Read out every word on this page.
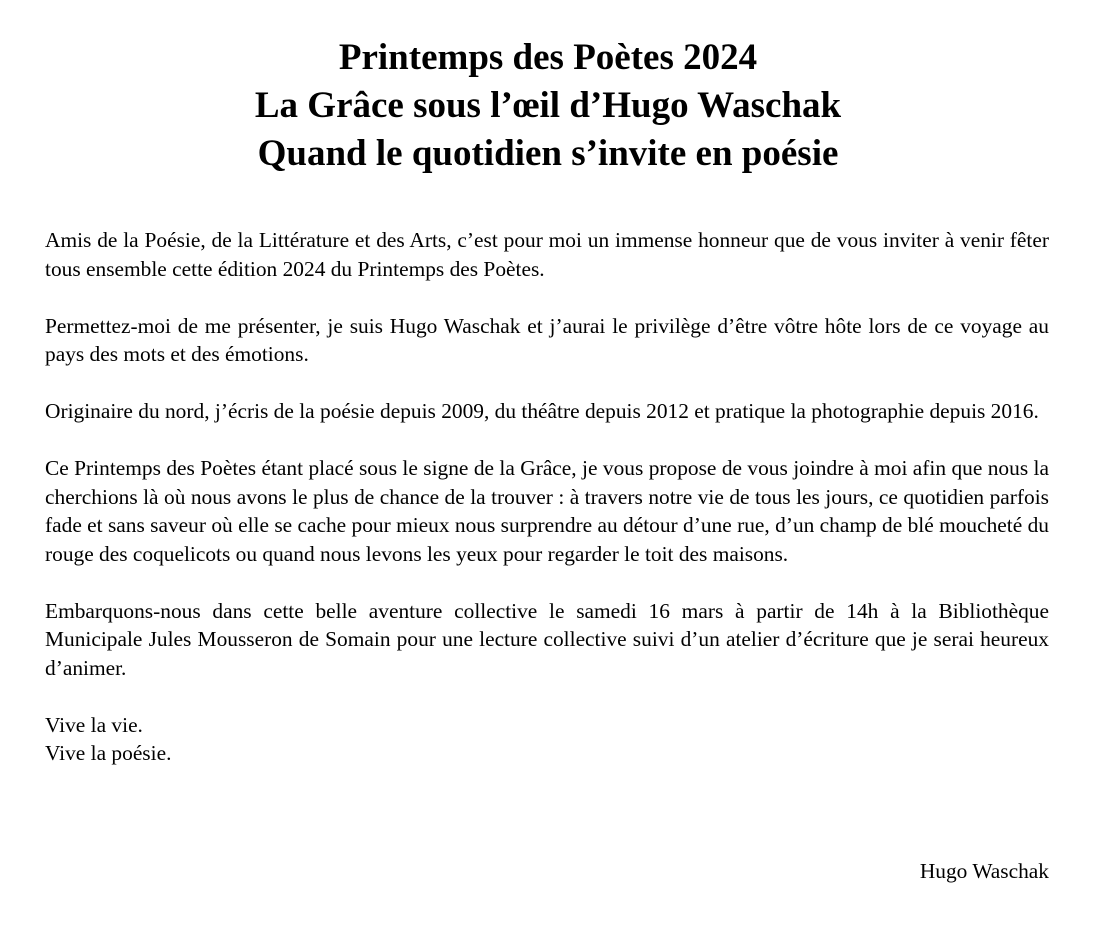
Printemps des Poètes 2024
La Grâce sous l’œil d’Hugo Waschak
Quand le quotidien s’invite en poésie

Amis de la Poésie, de la Littérature et des Arts, c’est pour moi un immense honneur que de vous inviter à venir fêter tous ensemble cette édition 2024 du Printemps des Poètes.

Permettez-moi de me présenter, je suis Hugo Waschak et j’aurai le privilège d’être vôtre hôte lors de ce voyage au pays des mots et des émotions.

Originaire du nord, j’écris de la poésie depuis 2009, du théâtre depuis 2012 et pratique la photographie depuis 2016.

Ce Printemps des Poètes étant placé sous le signe de la Grâce, je vous propose de vous joindre à moi afin que nous la cherchions là où nous avons le plus de chance de la trouver : à travers notre vie de tous les jours, ce quotidien parfois fade et sans saveur où elle se cache pour mieux nous surprendre au détour d’une rue, d’un champ de blé moucheté du rouge des coquelicots ou quand nous levons les yeux pour regarder le toit des maisons.

Embarquons-nous dans cette belle aventure collective le samedi 16 mars à partir de 14h à la Bibliothèque Municipale Jules Mousseron de Somain pour une lecture collective suivi d’un atelier d’écriture que je serai heureux d’animer.

Vive la vie.
Vive la poésie.

Hugo Waschak
